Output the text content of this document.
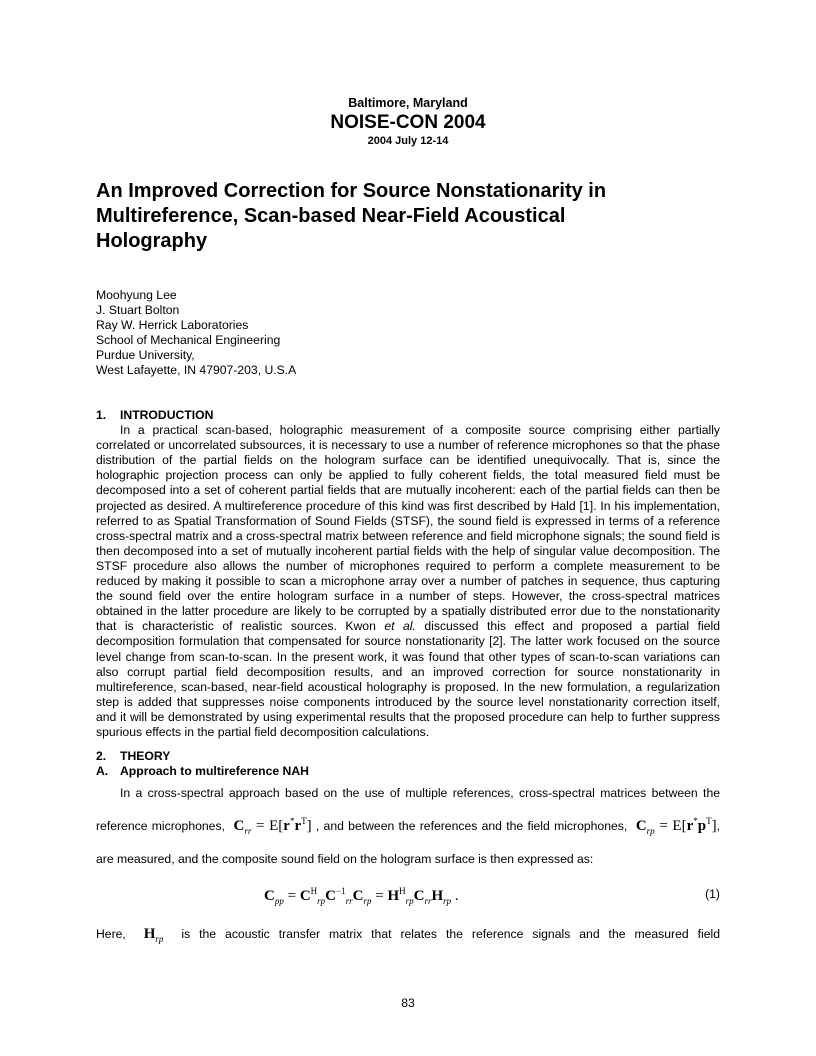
Baltimore, Maryland
NOISE-CON 2004
2004 July 12-14
An Improved Correction for Source Nonstationarity in
Multireference, Scan-based Near-Field Acoustical
Holography
Moohyung Lee
J. Stuart Bolton
Ray W. Herrick Laboratories
School of Mechanical Engineering
Purdue University,
West Lafayette, IN 47907-203, U.S.A
1. INTRODUCTION
In a practical scan-based, holographic measurement of a composite source comprising either partially correlated or uncorrelated subsources, it is necessary to use a number of reference microphones so that the phase distribution of the partial fields on the hologram surface can be identified unequivocally. That is, since the holographic projection process can only be applied to fully coherent fields, the total measured field must be decomposed into a set of coherent partial fields that are mutually incoherent: each of the partial fields can then be projected as desired. A multireference procedure of this kind was first described by Hald [1]. In his implementation, referred to as Spatial Transformation of Sound Fields (STSF), the sound field is expressed in terms of a reference cross-spectral matrix and a cross-spectral matrix between reference and field microphone signals; the sound field is then decomposed into a set of mutually incoherent partial fields with the help of singular value decomposition. The STSF procedure also allows the number of microphones required to perform a complete measurement to be reduced by making it possible to scan a microphone array over a number of patches in sequence, thus capturing the sound field over the entire hologram surface in a number of steps. However, the cross-spectral matrices obtained in the latter procedure are likely to be corrupted by a spatially distributed error due to the nonstationarity that is characteristic of realistic sources. Kwon et al. discussed this effect and proposed a partial field decomposition formulation that compensated for source nonstationarity [2]. The latter work focused on the source level change from scan-to-scan. In the present work, it was found that other types of scan-to-scan variations can also corrupt partial field decomposition results, and an improved correction for source nonstationarity in multireference, scan-based, near-field acoustical holography is proposed. In the new formulation, a regularization step is added that suppresses noise components introduced by the source level nonstationarity correction itself, and it will be demonstrated by using experimental results that the proposed procedure can help to further suppress spurious effects in the partial field decomposition calculations.
2. THEORY
A. Approach to multireference NAH
In a cross-spectral approach based on the use of multiple references, cross-spectral matrices between the reference microphones, $C_{rr} = E[r^*r^T]$ , and between the references and the field microphones, $C_{rp} = E[r^*p^T]$, are measured, and the composite sound field on the hologram surface is then expressed as:
$C_{pp} = C^H_{rp}C^{-1}_{rr}C_{rp} = H^H_{rp}C_{rr}H_{rp}$ .	(1)
Here, $H_{rp}$ is the acoustic transfer matrix that relates the reference signals and the measured field
83
